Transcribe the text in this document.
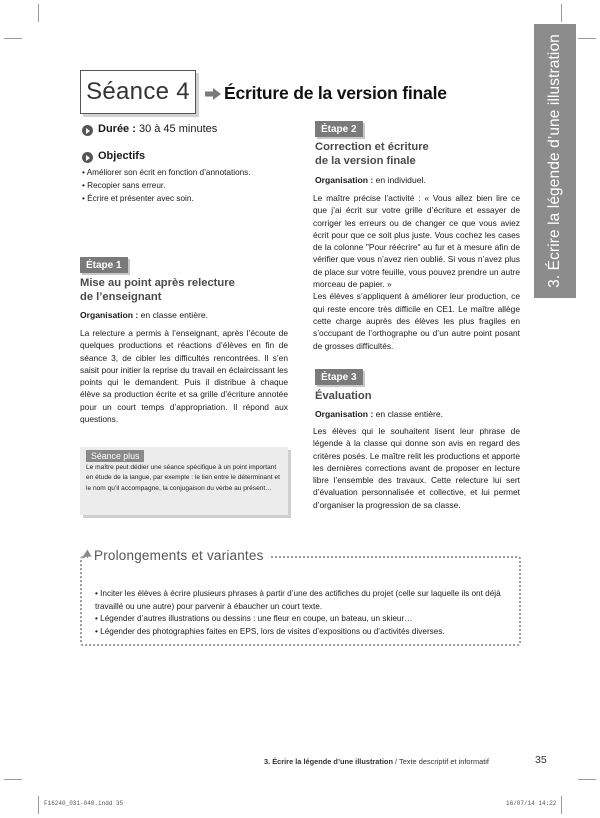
3. Écrire la légende d’une illustration
Séance 4 Écriture de la version finale
Durée : 30 à 45 minutes
Objectifs
• Améliorer son écrit en fonction d’annotations.
• Recopier sans erreur.
• Écrire et présenter avec soin.
Étape 1
Mise au point après relecture
de l’enseignant
Organisation : en classe entière.

La relecture a permis à l’enseignant, après l’écoute de quelques productions et réactions d’élèves en fin de séance 3, de cibler les difficultés rencontrées. Il s’en saisit pour initier la reprise du travail en éclaircissant les points qui le demandent. Puis il distribue à chaque élève sa production écrite et sa grille d’écriture annotée pour un court temps d’appropriation. Il répond aux questions.

Séance plus

Le maître peut dédier une séance spécifique à un point important en étude de la langue, par exemple : le lien entre le déterminant et le nom qu’il accompagne, la conjugaison du verbe au présent…

Étape 2
Correction et écriture
de la version finale
Organisation : en individuel.

Le maître précise l’activité : « Vous allez bien lire ce que j’ai écrit sur votre grille d’écriture et essayer de corriger les erreurs ou de changer ce que vous aviez écrit pour que ce soit plus juste. Vous cochez les cases de la colonne "Pour réécrire" au fur et à mesure afin de vérifier que vous n’avez rien oublié. Si vous n’avez plus de place sur votre feuille, vous pouvez prendre un autre morceau de papier. »

Les élèves s’appliquent à améliorer leur production, ce qui reste encore très difficile en CE1. Le maître allège cette charge auprès des élèves les plus fragiles en s’occupant de l’orthographe ou d’un autre point posant de grosses difficultés.

Étape 3
Évaluation
Organisation : en classe entière.

Les élèves qui le souhaitent lisent leur phrase de légende à la classe qui donne son avis en regard des critères posés. Le maître relit les productions et apporte les dernières corrections avant de proposer en lecture libre l’ensemble des travaux. Cette relecture lui sert d’évaluation personnalisée et collective, et lui permet d’organiser la progression de sa classe.

Prolongements et variantes
• Inciter les élèves à écrire plusieurs phrases à partir d’une des actifiches du projet (celle sur laquelle ils ont déjà travaillé ou une autre) pour parvenir à ébaucher un court texte.
• Légender d’autres illustrations ou dessins : une fleur en coupe, un bateau, un skieur…
• Légender des photographies faites en EPS, lors de visites d’expositions ou d’activités diverses.
3. Écrire la légende d’une illustration / Texte descriptif et informatif	35
F16240_031-040.indd 35	16/07/14 14:22
